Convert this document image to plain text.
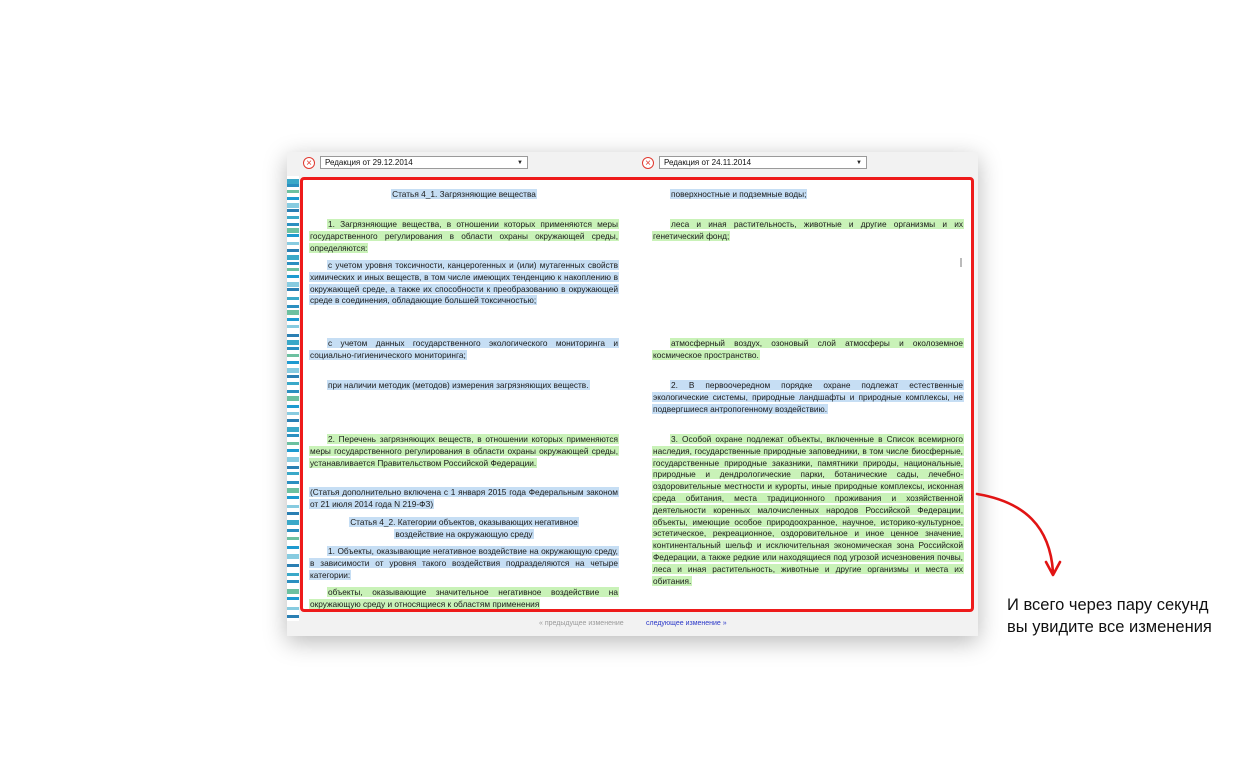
×	Редакция от 29.12.2014	▼	×	Редакция от 24.11.2014	▼
Статья 4_1. Загрязняющие вещества
1. Загрязняющие вещества, в отношении которых применяются меры государственного регулирования в области охраны окружающей среды, определяются:
с учетом уровня токсичности, канцерогенных и (или) мутагенных свойств химических и иных веществ, в том числе имеющих тенденцию к накоплению в окружающей среде, а также их способности к преобразованию в окружающей среде в соединения, обладающие большей токсичностью;
с учетом данных государственного экологического мониторинга и социально-гигиенического мониторинга;
при наличии методик (методов) измерения загрязняющих веществ.
2. Перечень загрязняющих веществ, в отношении которых применяются меры государственного регулирования в области охраны окружающей среды, устанавливается Правительством Российской Федерации.
(Статья дополнительно включена с 1 января 2015 года Федеральным законом от 21 июля 2014 года N 219-ФЗ)
Статья 4_2. Категории объектов, оказывающих негативное воздействие на окружающую среду
1. Объекты, оказывающие негативное воздействие на окружающую среду, в зависимости от уровня такого воздействия подразделяются на четыре категории:
объекты, оказывающие значительное негативное воздействие на окружающую среду и относящиеся к областям применения
поверхностные и подземные воды;
леса и иная растительность, животные и другие организмы и их генетический фонд;
атмосферный воздух, озоновый слой атмосферы и околоземное космическое пространство.
2. В первоочередном порядке охране подлежат естественные экологические системы, природные ландшафты и природные комплексы, не подвергшиеся антропогенному воздействию.
3. Особой охране подлежат объекты, включенные в Список всемирного наследия, государственные природные заповедники, в том числе биосферные, государственные природные заказники, памятники природы, национальные, природные и дендрологические парки, ботанические сады, лечебно-оздоровительные местности и курорты, иные природные комплексы, исконная среда обитания, места традиционного проживания и хозяйственной деятельности коренных малочисленных народов Российской Федерации, объекты, имеющие особое природоохранное, научное, историко-культурное, эстетическое, рекреационное, оздоровительное и иное ценное значение, континентальный шельф и исключительная экономическая зона Российской Федерации, а также редкие или находящиеся под угрозой исчезновения почвы, леса и иная растительность, животные и другие организмы и места их обитания.
« предыдущее изменение	следующее изменение »
И всего через пару секунд
вы увидите все изменения
